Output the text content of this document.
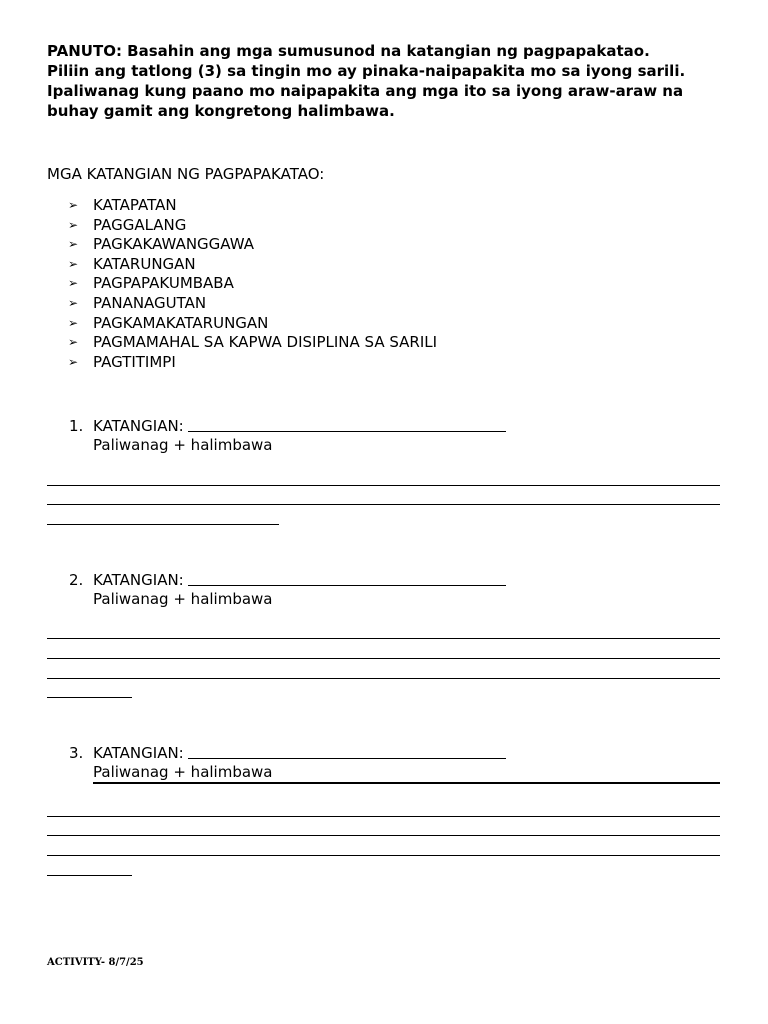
PANUTO: Basahin ang mga sumusunod na katangian ng pagpapakatao.
Piliin ang tatlong (3) sa tingin mo ay pinaka-naipapakita mo sa iyong sarili.
Ipaliwanag kung paano mo naipapakita ang mga ito sa iyong araw-araw na
buhay gamit ang kongretong halimbawa.
MGA KATANGIAN NG PAGPAPAKATAO:
➢ KATAPATAN
➢ PAGGALANG
➢ PAGKAKAWANGGAWA
➢ KATARUNGAN
➢ PAGPAPAKUMBABA
➢ PANANAGUTAN
➢ PAGKAMAKATARUNGAN
➢ PAGMAMAHAL SA KAPWA DISIPLINA SA SARILI
➢ PAGTITIMPI
1. KATANGIAN:
Paliwanag + halimbawa
2. KATANGIAN:
Paliwanag + halimbawa
3. KATANGIAN:
Paliwanag + halimbawa
ACTIVITY- 8/7/25
